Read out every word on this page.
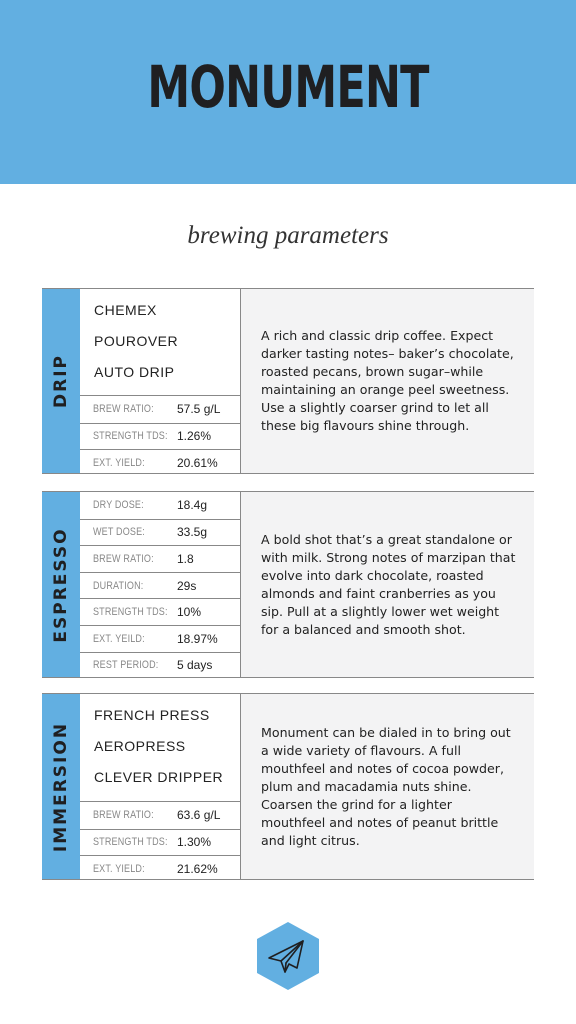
MONUMENT
brewing parameters
DRIP
CHEMEX
POUROVER
AUTO DRIP
BREW RATIO:	57.5 g/L
STRENGTH TDS: 1.26%
EXT. YIELD:	20.61%

A rich and classic drip coffee. Expect darker tasting notes– baker’s chocolate, roasted pecans, brown sugar–while maintaining an orange peel sweetness. Use a slightly coarser grind to let all these big flavours shine through.

ESPRESSO
DRY DOSE:	18.4g
WET DOSE:	33.5g
BREW RATIO:	1.8
DURATION:	29s
STRENGTH TDS: 10%
EXT. YEILD:	18.97%
REST PERIOD: 5 days

A bold shot that’s a great standalone or with milk. Strong notes of marzipan that evolve into dark chocolate, roasted almonds and faint cranberries as you sip. Pull at a slightly lower wet weight for a balanced and smooth shot.

IMMERSION
FRENCH PRESS
AEROPRESS
CLEVER DRIPPER
BREW RATIO:	63.6 g/L
STRENGTH TDS: 1.30%
EXT. YIELD:	21.62%

Monument can be dialed in to bring out a wide variety of flavours. A full mouthfeel and notes of cocoa powder, plum and macadamia nuts shine. Coarsen the grind for a lighter mouthfeel and notes of peanut brittle and light citrus.
